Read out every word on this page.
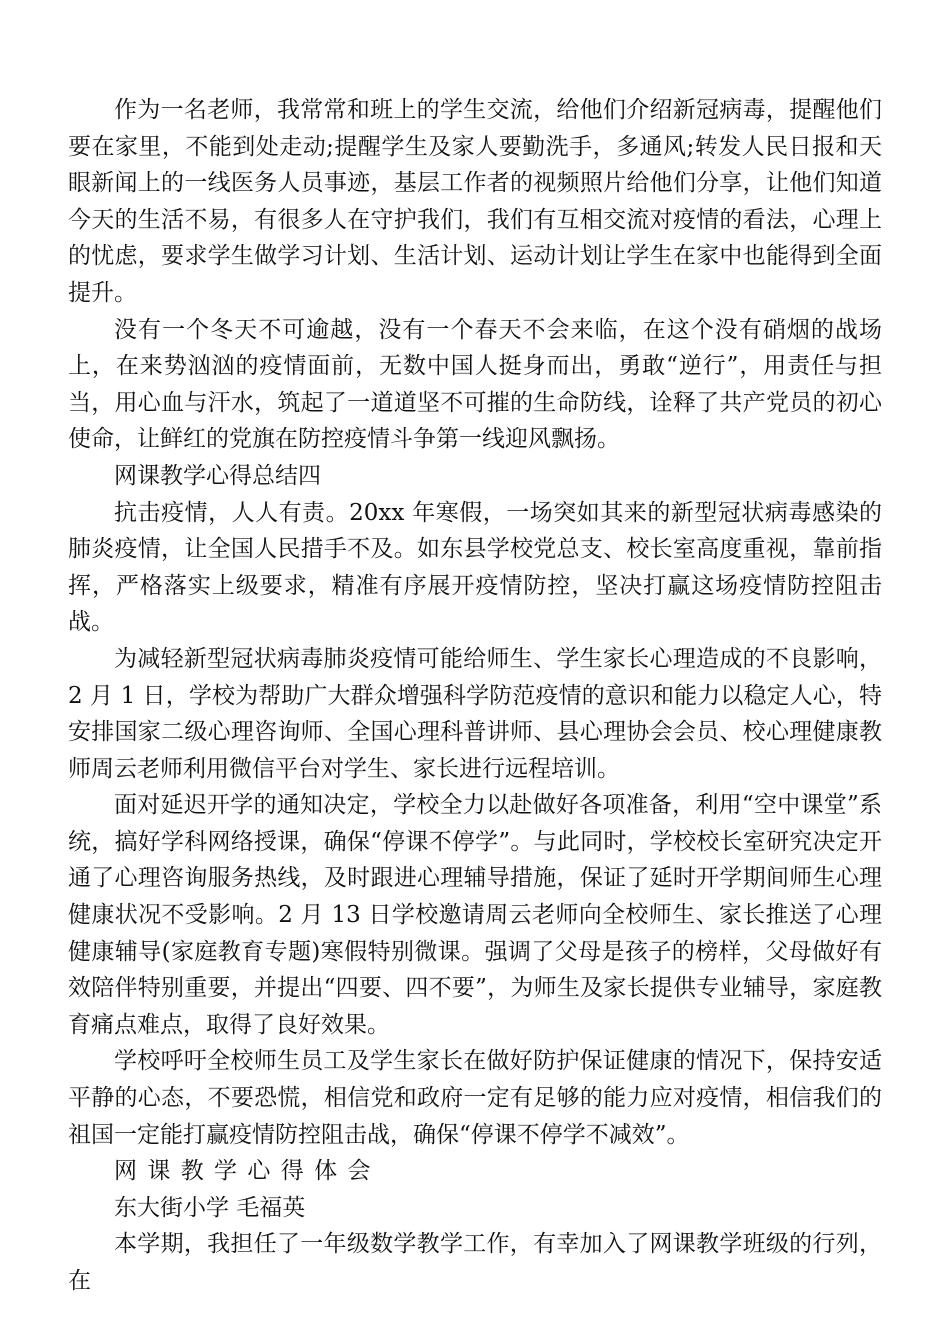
作为一名老师，我常常和班上的学生交流，给他们介绍新冠病毒，提醒他们要在家里，不能到处走动;提醒学生及家人要勤洗手，多通风;转发人民日报和天眼新闻上的一线医务人员事迹，基层工作者的视频照片给他们分享，让他们知道今天的生活不易，有很多人在守护我们，我们有互相交流对疫情的看法，心理上的忧虑，要求学生做学习计划、生活计划、运动计划让学生在家中也能得到全面提升。

没有一个冬天不可逾越，没有一个春天不会来临，在这个没有硝烟的战场上，在来势汹汹的疫情面前，无数中国人挺身而出，勇敢“逆行”，用责任与担当，用心血与汗水，筑起了一道道坚不可摧的生命防线，诠释了共产党员的初心使命，让鲜红的党旗在防控疫情斗争第一线迎风飘扬。

网课教学心得总结四

抗击疫情，人人有责。20xx 年寒假，一场突如其来的新型冠状病毒感染的肺炎疫情，让全国人民措手不及。如东县学校党总支、校长室高度重视，靠前指挥，严格落实上级要求，精准有序展开疫情防控，坚决打赢这场疫情防控阻击战。

为减轻新型冠状病毒肺炎疫情可能给师生、学生家长心理造成的不良影响，2 月 1 日，学校为帮助广大群众增强科学防范疫情的意识和能力以稳定人心，特安排国家二级心理咨询师、全国心理科普讲师、县心理协会会员、校心理健康教师周云老师利用微信平台对学生、家长进行远程培训。

面对延迟开学的通知决定，学校全力以赴做好各项准备，利用“空中课堂”系统，搞好学科网络授课，确保“停课不停学”。与此同时，学校校长室研究决定开通了心理咨询服务热线，及时跟进心理辅导措施，保证了延时开学期间师生心理健康状况不受影响。2 月 13 日学校邀请周云老师向全校师生、家长推送了心理健康辅导(家庭教育专题)寒假特别微课。强调了父母是孩子的榜样，父母做好有效陪伴特别重要，并提出“四要、四不要”，为师生及家长提供专业辅导，家庭教育痛点难点，取得了良好效果。

学校呼吁全校师生员工及学生家长在做好防护保证健康的情况下，保持安适平静的心态，不要恐慌，相信党和政府一定有足够的能力应对疫情，相信我们的祖国一定能打赢疫情防控阻击战，确保“停课不停学不减效”。

网课教学心得体会

东大街小学 毛福英

本学期，我担任了一年级数学教学工作，有幸加入了网课教学班级的行列，在
